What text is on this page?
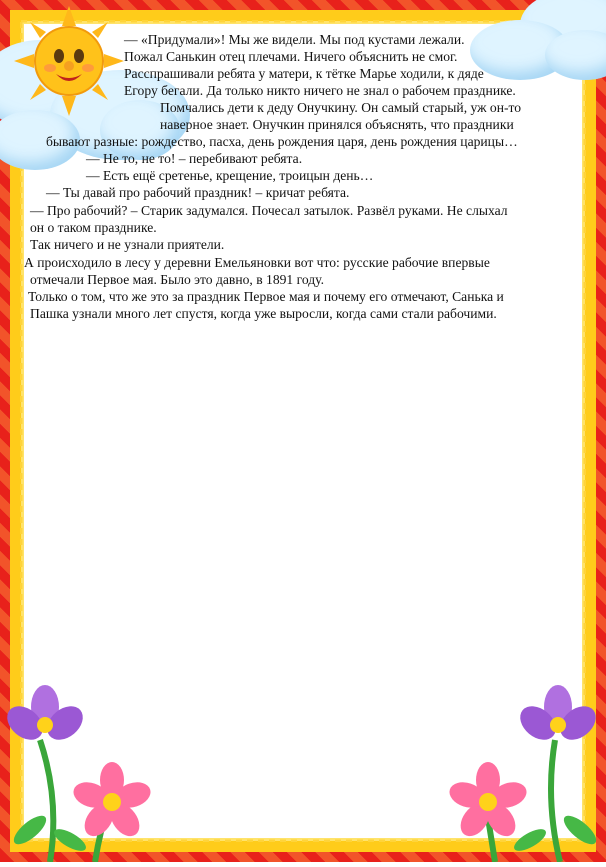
— «Придумали»! Мы же видели. Мы под кустами лежали.
Пожал Санькин отец плечами. Ничего объяснить не смог.
Расспрашивали ребята у матери, к тётке Марье ходили, к дяде
Егору бегали. Да только никто ничего не знал о рабочем празднике.
Помчались дети к деду Онучкину. Он самый старый, уж он-то
наверное знает. Онучкин принялся объяснять, что праздники
бывают разные: рождество, пасха, день рождения царя, день рождения царицы…
— Не то, не то! – перебивают ребята.
— Есть ещё сретенье, крещение, троицын день…
— Ты давай про рабочий праздник! – кричат ребята.
— Про рабочий? – Старик задумался. Почесал затылок. Развёл руками. Не слыхал
он о таком празднике.
Так ничего и не узнали приятели.
А происходило в лесу у деревни Емельяновки вот что: русские рабочие впервые
отмечали Первое мая. Было это давно, в 1891 году.
Только о том, что же это за праздник Первое мая и почему его отмечают, Санька и
Пашка узнали много лет спустя, когда уже выросли, когда сами стали рабочими.
